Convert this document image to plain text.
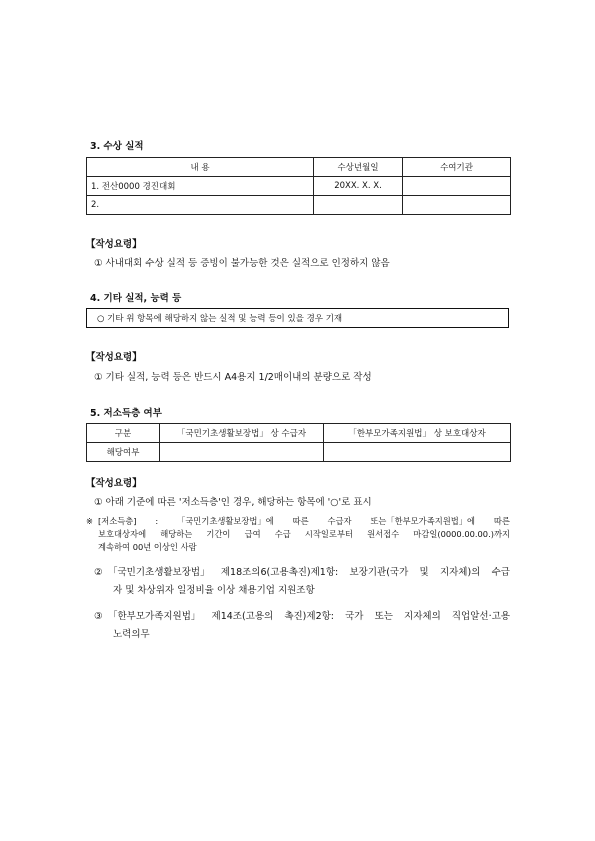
3. 수상 실적
내 용	수상년월일	수여기관
1. 전산0000 경진대회	20XX. X. X.	
2.		
【작성요령】
① 사내대회 수상 실적 등 증빙이 불가능한 것은 실적으로 인정하지 않음
4. 기타 실적, 능력 등
○ 기타 위 항목에 해당하지 않는 실적 및 능력 등이 있을 경우 기재
【작성요령】
① 기타 실적, 능력 등은 반드시 A4용지 1/2매이내의 분량으로 작성
5. 저소득층 여부
구분	「국민기초생활보장법」 상 수급자	「한부모가족지원법」 상 보호대상자
해당여부		
【작성요령】
① 아래 기준에 따른 '저소득층'인 경우, 해당하는 항목에 '○'로 표시
※ [저소득층] : 「국민기초생활보장법」에 따른 수급자 또는「한부모가족지원법」에 따른
보호대상자에 해당하는 기간이 급여 수급 시작일로부터 원서접수 마감일(0000.00.00.)까지
계속하여 00년 이상인 사람
② 「국민기초생활보장법」 제18조의6(고용촉진)제1항: 보장기관(국가 및 지자체)의 수급
자 및 차상위자 일정비율 이상 채용기업 지원조항
③ 「한부모가족지원법」 제14조(고용의 촉진)제2항: 국가 또는 지자체의 직업알선·고용
노력의무
